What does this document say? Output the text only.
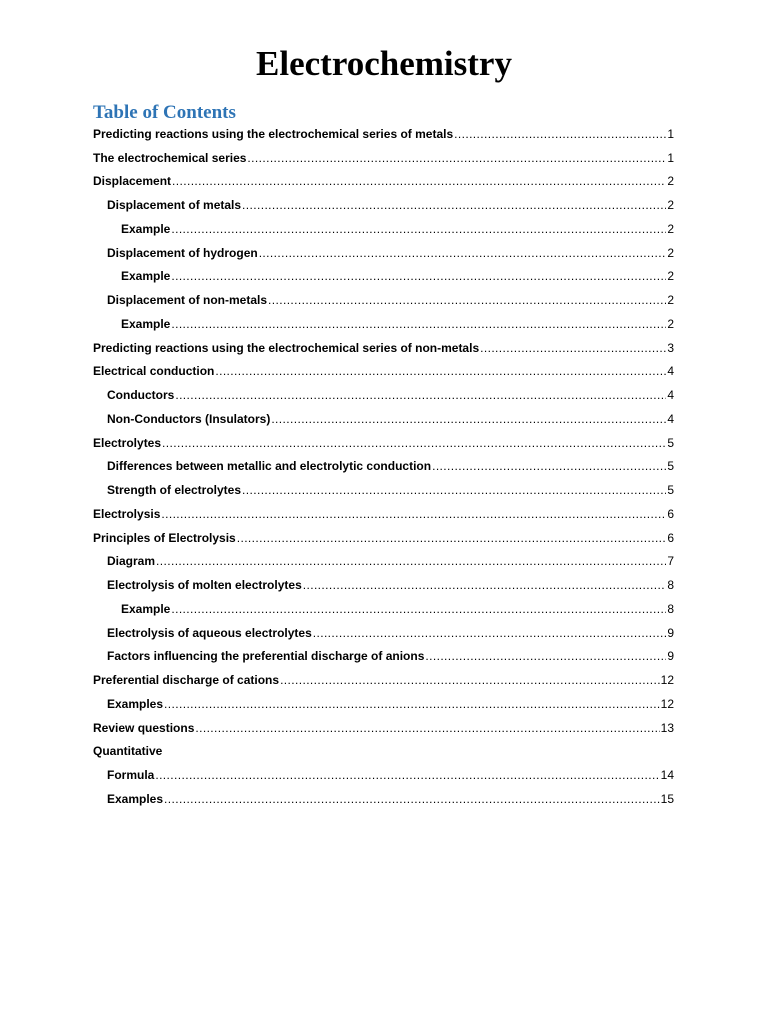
Electrochemistry
Table of Contents
Predicting reactions using the electrochemical series of metals .....	1
The electrochemical series .....	1
Displacement .....	2
Displacement of metals .....	2
Example .....	2
Displacement of hydrogen .....	2
Example .....	2
Displacement of non-metals .....	2
Example .....	2
Predicting reactions using the electrochemical series of non-metals .....	3
Electrical conduction .....	4
Conductors .....	4
Non-Conductors (Insulators) .....	4
Electrolytes .....	5
Differences between metallic and electrolytic conduction .....	5
Strength of electrolytes .....	5
Electrolysis .....	6
Principles of Electrolysis .....	6
Diagram .....	7
Electrolysis of molten electrolytes .....	8
Example .....	8
Electrolysis of aqueous electrolytes .....	9
Factors influencing the preferential discharge of anions .....	9
Preferential discharge of cations .....	12
Examples .....	12
Review questions .....	13
Quantitative
Formula .....	14
Examples .....	15
